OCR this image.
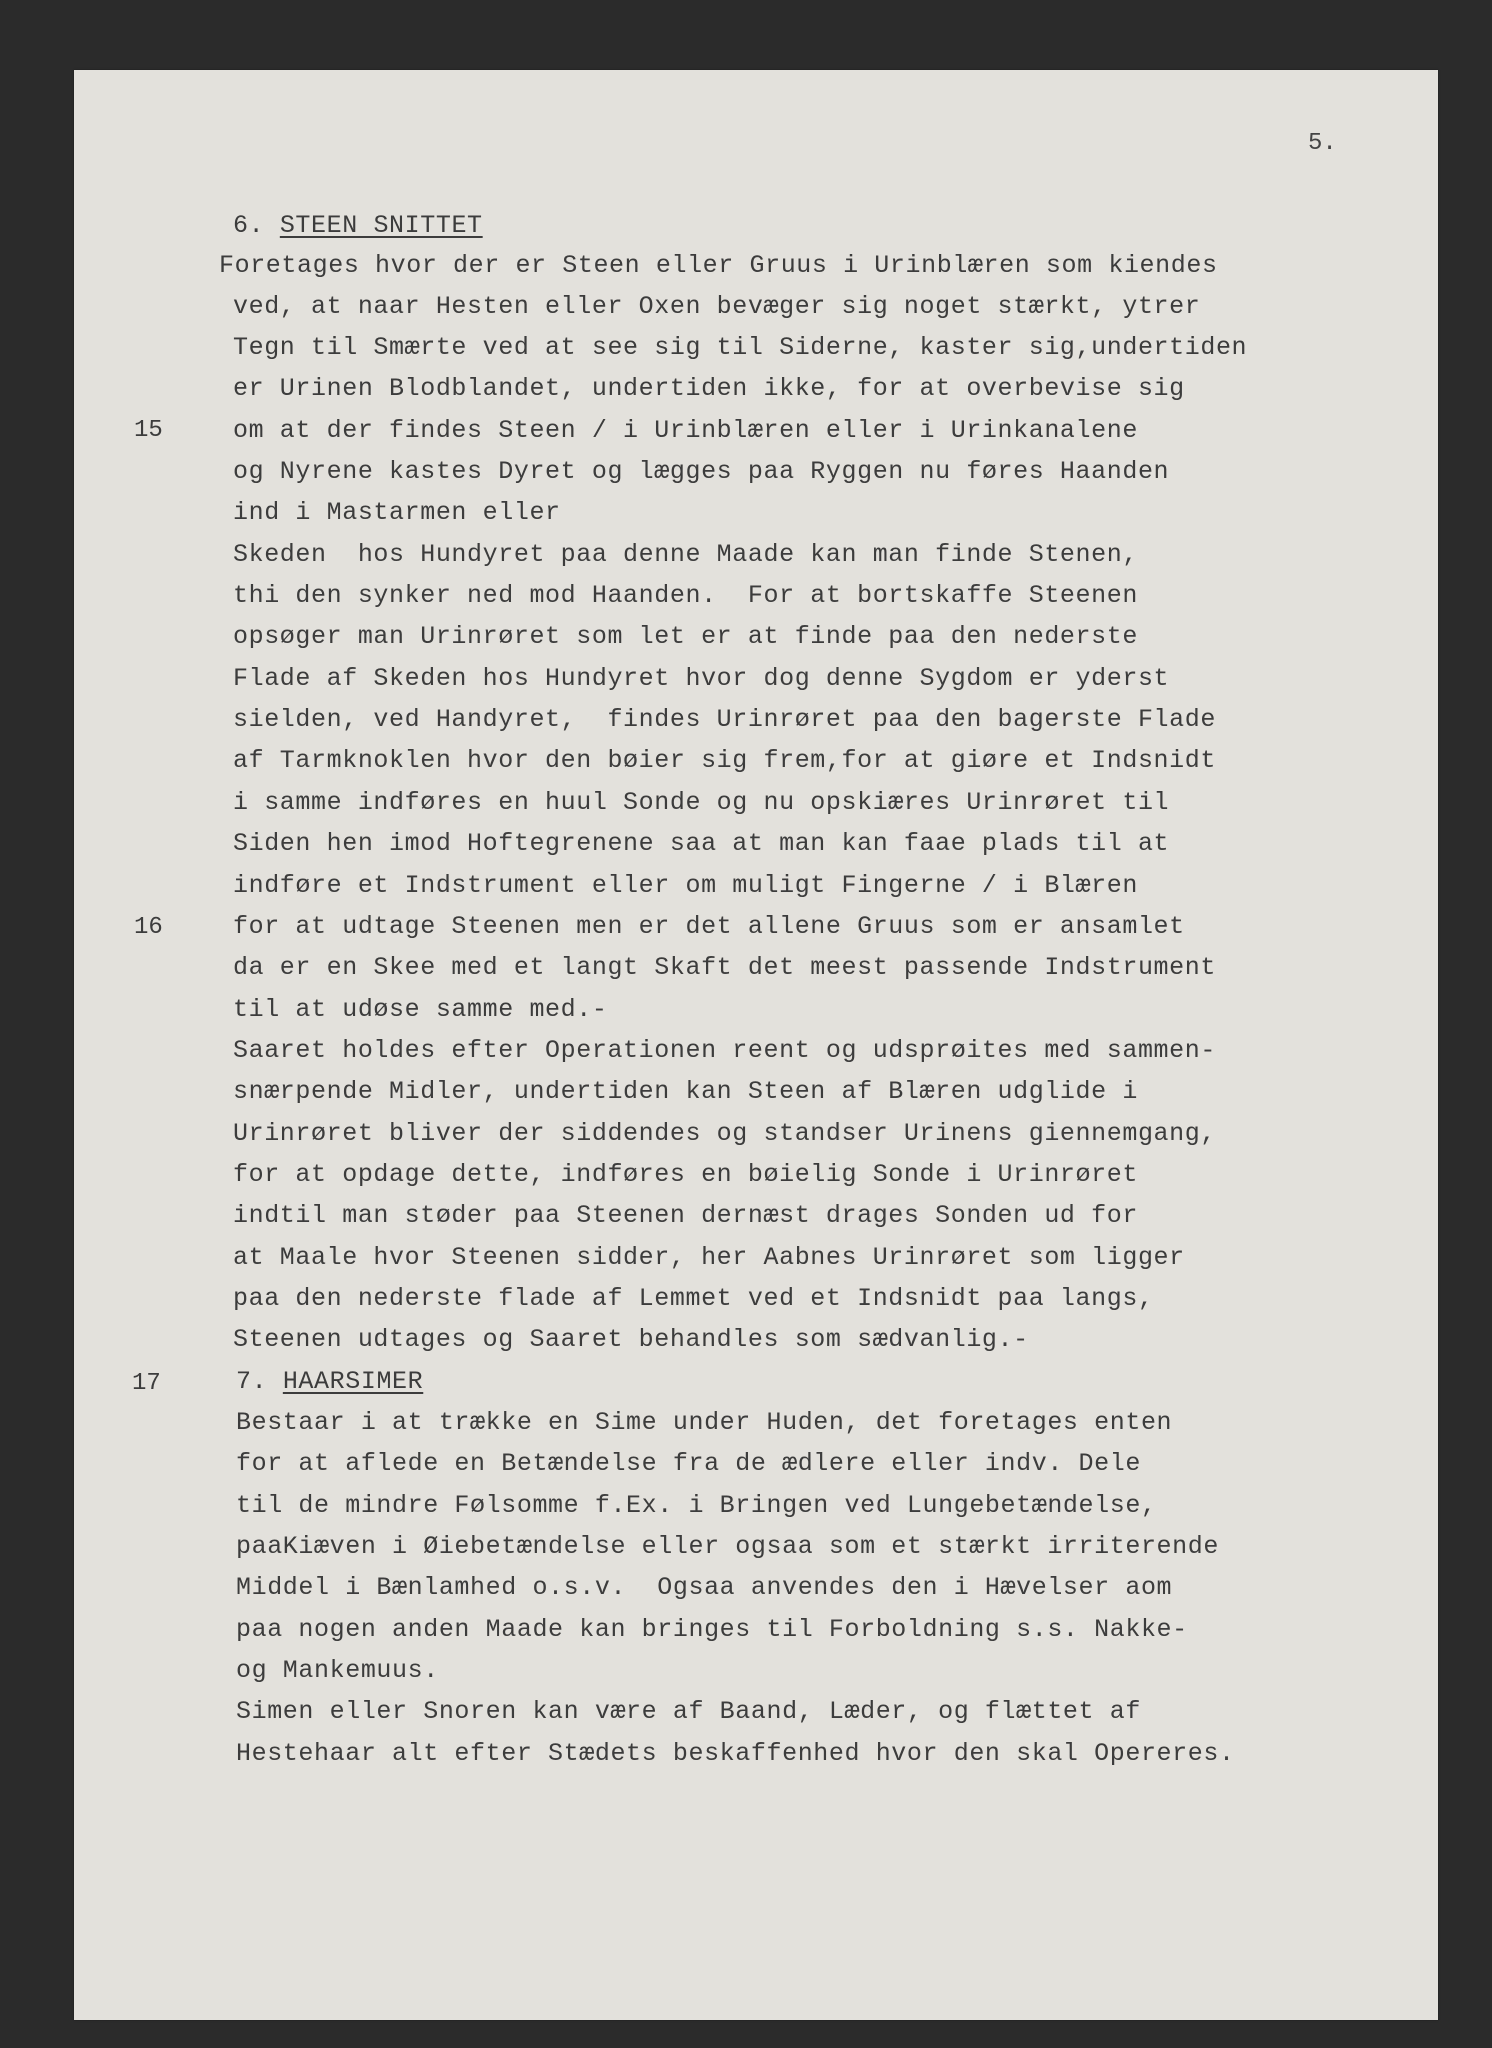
5.
6. STEEN SNITTET
15
16
17
Foretages hvor der er Steen eller Gruus i Urinblæren som kiendes
ved, at naar Hesten eller Oxen bevæger sig noget stærkt, ytrer
Tegn til Smærte ved at see sig til Siderne, kaster sig,undertiden
er Urinen Blodblandet, undertiden ikke, for at overbevise sig
om at der findes Steen / i Urinblæren eller i Urinkanalene
og Nyrene kastes Dyret og lægges paa Ryggen nu føres Haanden
ind i Mastarmen eller
Skeden  hos Hundyret paa denne Maade kan man finde Stenen,
thi den synker ned mod Haanden.  For at bortskaffe Steenen
opsøger man Urinrøret som let er at finde paa den nederste
Flade af Skeden hos Hundyret hvor dog denne Sygdom er yderst
sielden, ved Handyret,  findes Urinrøret paa den bagerste Flade
af Tarmknoklen hvor den bøier sig frem,for at giøre et Indsnidt
i samme indføres en huul Sonde og nu opskiæres Urinrøret til
Siden hen imod Hoftegrenene saa at man kan faae plads til at
indføre et Indstrument eller om muligt Fingerne / i Blæren
for at udtage Steenen men er det allene Gruus som er ansamlet
da er en Skee med et langt Skaft det meest passende Indstrument
til at udøse samme med.-
Saaret holdes efter Operationen reent og udsprøites med sammen-
snærpende Midler, undertiden kan Steen af Blæren udglide i
Urinrøret bliver der siddendes og standser Urinens giennemgang,
for at opdage dette, indføres en bøielig Sonde i Urinrøret
indtil man støder paa Steenen dernæst drages Sonden ud for
at Maale hvor Steenen sidder, her Aabnes Urinrøret som ligger
paa den nederste flade af Lemmet ved et Indsnidt paa langs,
Steenen udtages og Saaret behandles som sædvanlig.-
7. HAARSIMER
Bestaar i at trække en Sime under Huden, det foretages enten
for at aflede en Betændelse fra de ædlere eller indv. Dele
til de mindre Følsomme f.Ex. i Bringen ved Lungebetændelse,
paaKiæven i Øiebetændelse eller ogsaa som et stærkt irriterende
Middel i Bænlamhed o.s.v.  Ogsaa anvendes den i Hævelser aom
paa nogen anden Maade kan bringes til Forboldning s.s. Nakke-
og Mankemuus.
Simen eller Snoren kan være af Baand, Læder, og flættet af
Hestehaar alt efter Stædets beskaffenhed hvor den skal Opereres.
